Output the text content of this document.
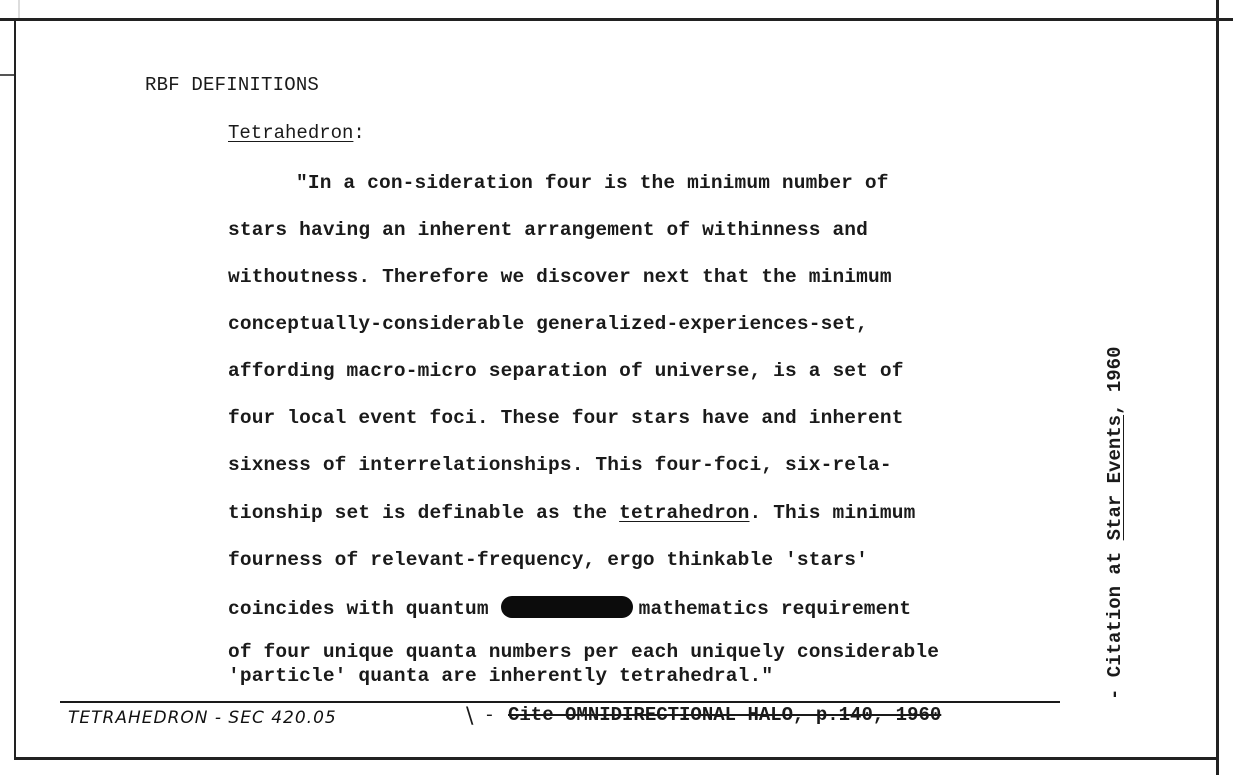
RBF DEFINITIONS
Tetrahedron:
"In a con-sideration four is the minimum number of
stars having an inherent arrangement of withinness and
withoutness. Therefore we discover next that the minimum
conceptually-considerable generalized-experiences-set,
affording macro-micro separation of universe, is a set of
four local event foci. These four stars have and inherent
sixness of interrelationships. This four-foci, six-rela-
tionship set is definable as the tetrahedron. This minimum
fourness of relevant-frequency, ergo thinkable 'stars'
coincides with quantum	mathematics requirement
of four unique quanta numbers per each uniquely considerable
'particle' quanta are inherently tetrahedral."	- Citation at Star Events, 1960
TETRAHEDRON - SEC 420.05	\ - Cite OMNIDIRECTIONAL HALO, p.140, 1960
